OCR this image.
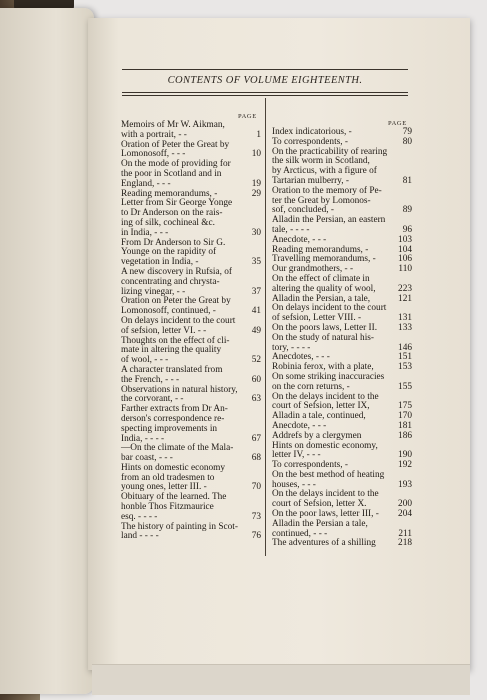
CONTENTS OF VOLUME EIGHTEENTH.
PAGE
PAGE
Memoirs of Mr W. Aikman,
with a portrait, - -	1
Oration of Peter the Great by
Lomonosoff, - - -	10
On the mode of providing for
the poor in Scotland and in
England, - - -	19
Reading memorandums, -	29
Letter from Sir George Yonge
to Dr Anderson on the rais-
ing of silk, cochineal &c.
in India, - - -	30
From Dr Anderson to Sir G.
Younge on the rapidity of
vegetation in India, -	35
A new discovery in Rufsia, of
concentrating and chrysta-
lizing vinegar, - -	37
Oration on Peter the Great by
Lomonosoff, continued, -	41
On delays incident to the court
of sefsion, letter VI. - -	49
Thoughts on the effect of cli-
mate in altering the quality
of wool, - - -	52
A character translated from
the French, - - -	60
Observations in natural history,
the corvorant, - -	63
Farther extracts from Dr An-
derson's correspondence re-
specting improvements in
India, - - - -	67
—On the climate of the Mala-
bar coast, - - -	68
Hints on domestic economy
from an old tradesmen to
young ones, letter III. -	70
Obituary of the learned. The
honble Thos Fitzmaurice
esq. - - - -	73
The history of painting in Scot-
land - - - -	76
Index indicatorious, -	79
To correspondents, -	80
On the practicability of rearing
the silk worm in Scotland,
by Arcticus, with a figure of
Tartarian mulberry, -	81
Oration to the memory of Pe-
ter the Great by Lomonos-
sof, concluded, -	89
Alladin the Persian, an eastern
tale, - - - -	96
Anecdote, - - -	103
Reading memorandums, -	104
Travelling memorandums, - 106
Our grandmothers, - -	110
On the effect of climate in
altering the quality of wool, 223
Alladin the Persian, a tale,	121
On delays incident to the court
of sefsion, Letter VIII. -	131
On the poors laws, Letter II. 133
On the study of natural his-
tory, - - - -	146
Anecdotes, - - -	151
Robinia ferox, with a plate,	153
On some striking inaccuracies
on the corn returns, -	155
On the delays incident to the
court of Sefsion, letter IX,	175
Alladin a tale, continued,	170
Anecdote, - - -	181
Addrefs by a clergymen	186
Hints on domestic economy,
letter IV, - - -	190
To correspondents, -	192
On the best method of heating
houses, - - -	193
On the delays incident to the
court of Sefsion, letter X.	200
On the poor laws, letter III, - 204
Alladin the Persian a tale,
continued, - - -	211
The adventures of a shilling 218
